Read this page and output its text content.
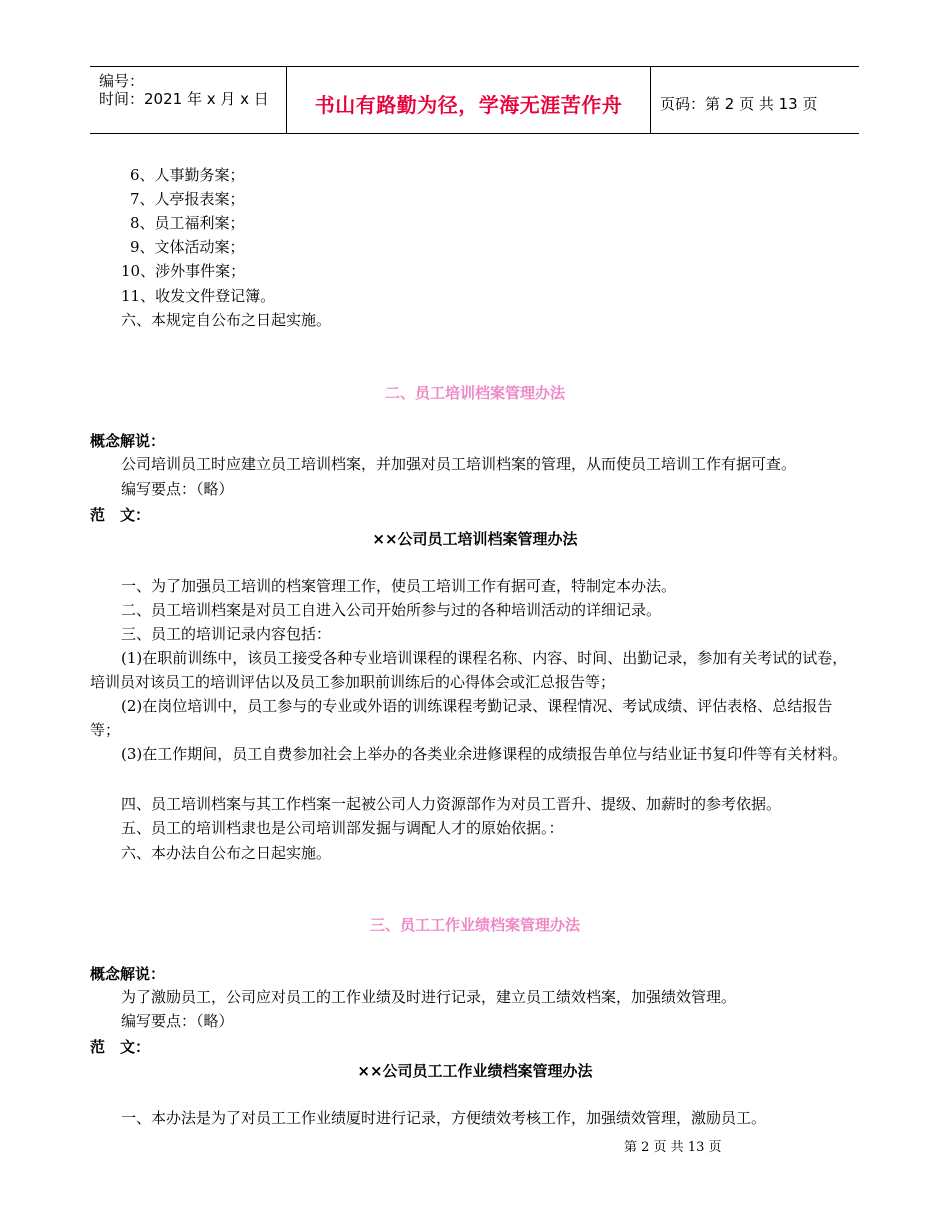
编号：
时间：2021 年 x 月 x 日 书山有路勤为径，学海无涯苦作舟	页码：第 2 页 共 13 页
6、人事勤务案；
7、人亭报表案；
8、员工福利案；
9、文体活动案；
10、涉外事件案；
11、收发文件登记簿。
六、本规定自公布之日起实施。
二、员工培训档案管理办法
概念解说：
公司培训员工时应建立员工培训档案，并加强对员工培训档案的管理，从而使员工培训工作有据可查。
编写要点：（略）
范　文：
××公司员工培训档案管理办法
一、为了加强员工培训的档案管理工作，使员工培训工作有据可查，特制定本办法。
二、员工培训档案是对员工自进入公司开始所参与过的各种培训活动的详细记录。
三、员工的培训记录内容包括：
(1)在职前训练中，该员工接受各种专业培训课程的课程名称、内容、时间、出勤记录，参加有关考试的试卷，培训员对该员工的培训评估以及员工参加职前训练后的心得体会或汇总报告等；
(2)在岗位培训中，员工参与的专业或外语的训练课程考勤记录、课程情况、考试成绩、评估表格、总结报告等；
(3)在工作期间，员工自费参加社会上举办的各类业余进修课程的成绩报告单位与结业证书复印件等有关材料。
四、员工培训档案与其工作档案一起被公司人力资源部作为对员工晋升、提级、加薪时的参考依据。
五、员工的培训档隶也是公司培训部发掘与调配人才的原始依据。：
六、本办法自公布之日起实施。
三、员工工作业绩档案管理办法
概念解说：
为了激励员工，公司应对员工的工作业绩及时进行记录，建立员工绩效档案，加强绩效管理。
编写要点：（略）
范　文：
××公司员工工作业绩档案管理办法
一、本办法是为了对员工工作业绩厦时进行记录，方便绩效考核工作，加强绩效管理，激励员工。
第 2 页 共 13 页
